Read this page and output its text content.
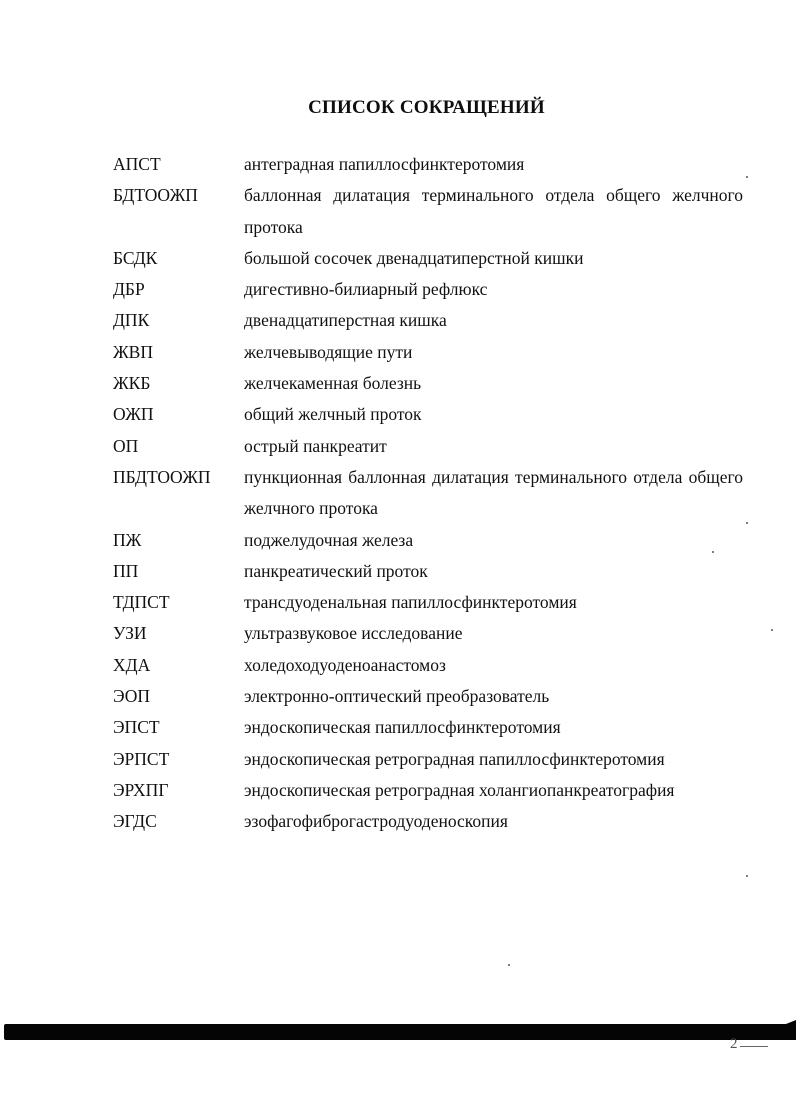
СПИСОК СОКРАЩЕНИЙ
АПСТ	антеградная папиллосфинктеротомия
БДТООЖП	баллонная дилатация терминального отдела общего желчного протока
БСДК	большой сосочек двенадцатиперстной кишки
ДБР	дигестивно-билиарный рефлюкс
ДПК	двенадцатиперстная кишка
ЖВП	желчевыводящие пути
ЖКБ	желчекаменная болезнь
ОЖП	общий желчный проток
ОП	острый панкреатит
ПБДТООЖП	пункционная баллонная дилатация терминального отдела общего желчного протока
ПЖ	поджелудочная железа
ПП	панкреатический проток
ТДПСТ	трансдуоденальная папиллосфинктеротомия
УЗИ	ультразвуковое исследование
ХДА	холедоходуоденоанастомоз
ЭОП	электронно-оптический преобразователь
ЭПСТ	эндоскопическая папиллосфинктеротомия
ЭРПСТ	эндоскопическая ретроградная папиллосфинктеротомия
ЭРХПГ	эндоскопическая ретроградная холангиопанкреатография
ЭГДС	эзофагофиброгастродуоденоскопия
2
